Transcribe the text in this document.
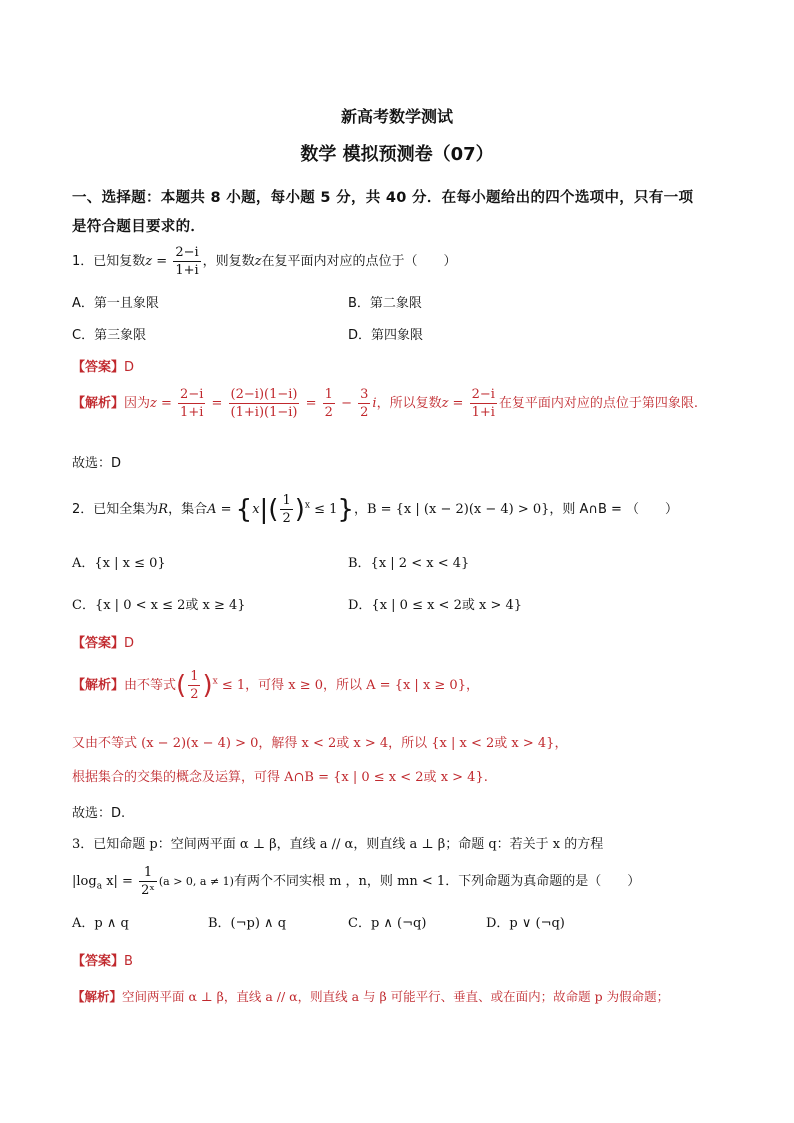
新高考数学测试
数学 模拟预测卷（07）
一、选择题：本题共 8 小题，每小题 5 分，共 40 分．在每小题给出的四个选项中，只有一项
是符合题目要求的．
1．已知复数$z = \frac{2-i}{1+i}$ ，则复数z在复平面内对应的点位于（　　）
A．第一且象限	B．第二象限
C．第三象限	D．第四象限
【答案】D
【解析】因为$z = \frac{2-i}{1+i} = \frac{(2-i)(1-i)}{(1+i)(1-i)} = \frac{1}{2} - \frac{3}{2}$ i，所以复数$z = \frac{2-i}{1+i}$ 在复平面内对应的点位于第四象限.
故选：D
2．已知全集为R，集合$A = \{x|( \frac{1}{2} )^x \le 1\}$，B = {x | (x − 2)(x − 4) > 0}，则 A∩B = （　　）
A．{x | x ≤ 0}	B．{x | 2 < x < 4}
C．{x | 0 < x ≤ 2或 x ≥ 4}	D．{x | 0 ≤ x < 2或 x > 4}
【答案】D
【解析】由不等式( $\frac{1}{2} )^x \le 1$，可得 x ≥ 0，所以 A = {x | x ≥ 0}，
又由不等式 (x − 2)(x − 4) > 0，解得 x < 2或 x > 4，所以 {x | x < 2或 x > 4}，
根据集合的交集的概念及运算，可得 A∩B = {x | 0 ≤ x < 2或 x > 4}.
故选：D.
3．已知命题 p：空间两平面 α ⊥ β，直线 a // α，则直线 a ⊥ β；命题 q：若关于 x 的方程
$|\log_a$ $x| = \frac{1}{\text{2ˣ}} (a > 0$, a ≠ 1)有两个不同实根 m ，n，则 mn < 1．下列命题为真命题的是（　　）
A．p ∧ q	B．(¬p) ∧ q	C．p ∧ (¬q)	D．p ∨ (¬q)
【答案】B
【解析】空间两平面 α ⊥ β，直线 a // α，则直线 a 与 β 可能平行、垂直、或在面内；故命题 p 为假命题；
